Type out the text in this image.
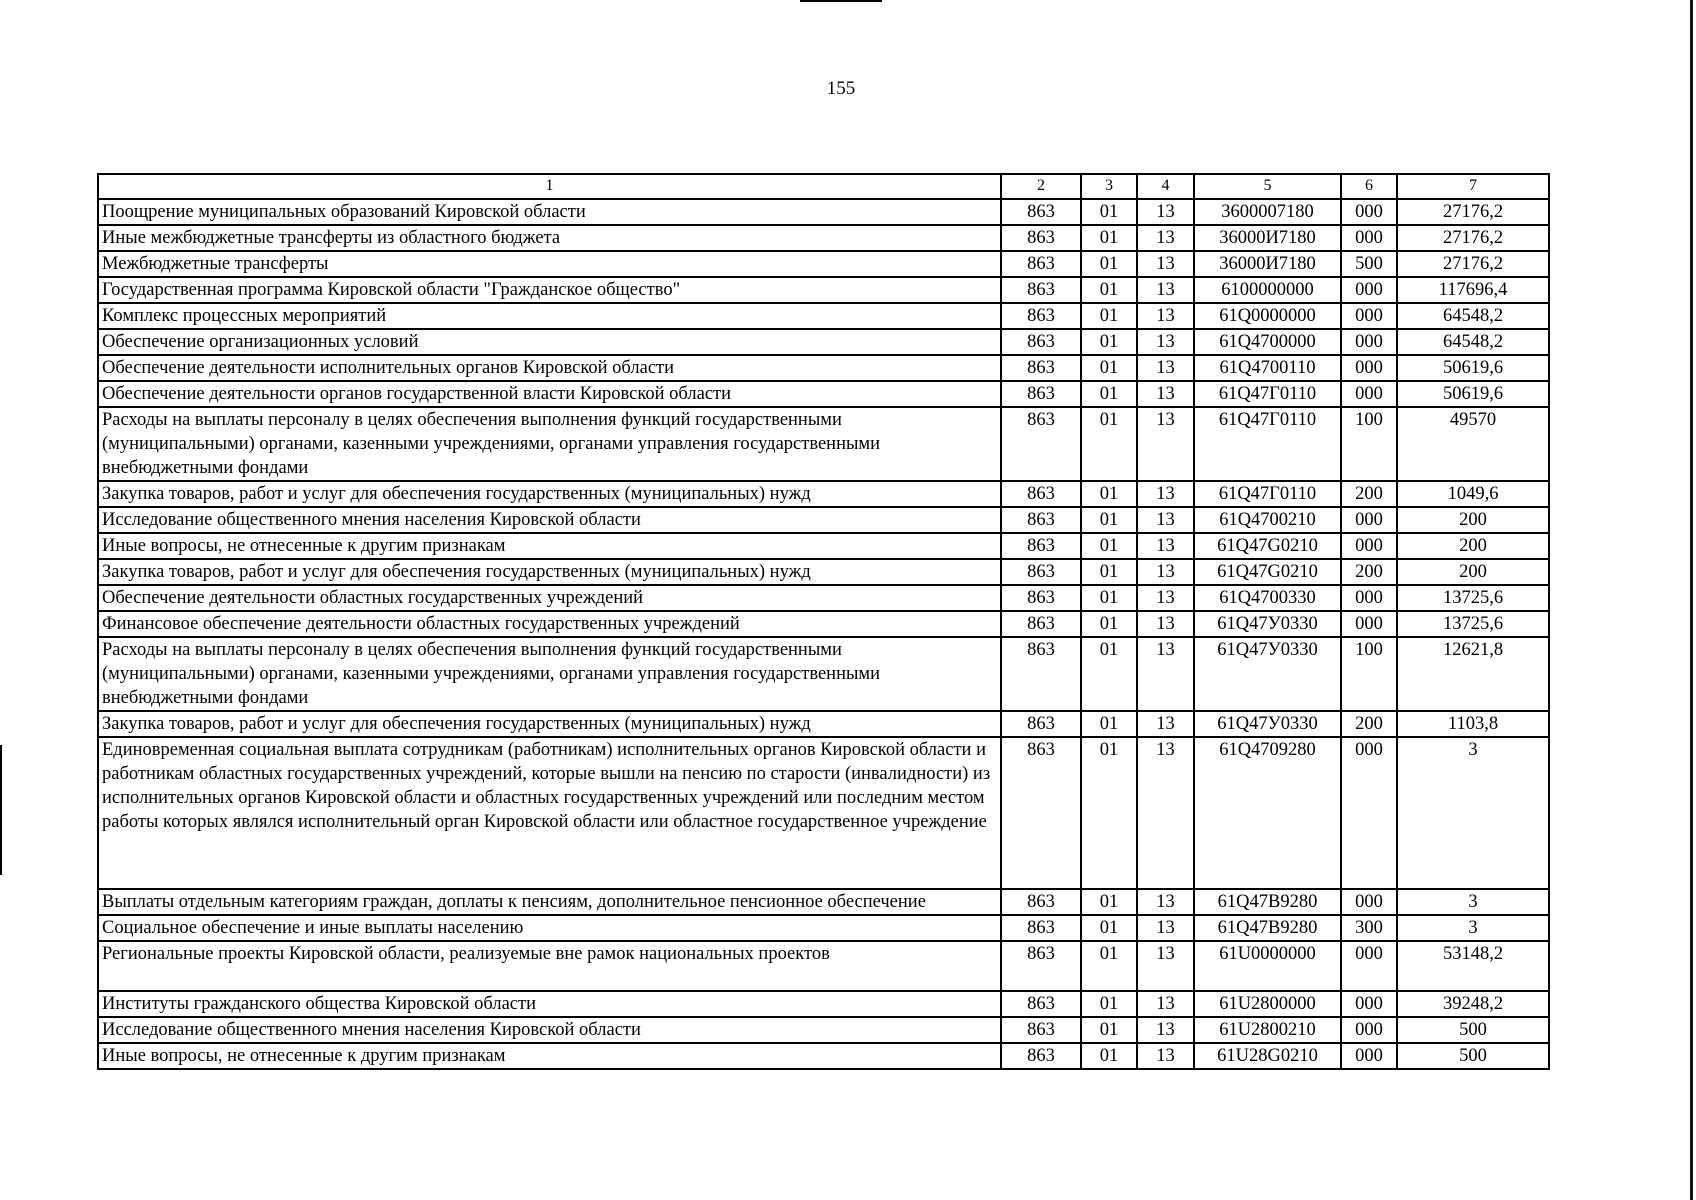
155
1	2	3	4	5	6	7
Поощрение муниципальных образований Кировской области	863	01	13	3600007180	000	27176,2
Иные межбюджетные трансферты из областного бюджета	863	01	13	36000И7180	000	27176,2
Межбюджетные трансферты	863	01	13	36000И7180	500	27176,2
Государственная программа Кировской области "Гражданское общество"	863	01	13	6100000000	000	117696,4
Комплекс процессных мероприятий	863	01	13	61Q0000000	000	64548,2
Обеспечение организационных условий	863	01	13	61Q4700000	000	64548,2
Обеспечение деятельности исполнительных органов Кировской области	863	01	13	61Q4700110	000	50619,6
Обеспечение деятельности органов государственной власти Кировской области	863	01	13	61Q47Г0110	000	50619,6
Расходы на выплаты персоналу в целях обеспечения выполнения функций государственными (муниципальными) органами, казенными учреждениями, органами управления государственными внебюджетными фондами	863	01	13	61Q47Г0110	100	49570
Закупка товаров, работ и услуг для обеспечения государственных (муниципальных) нужд	863	01	13	61Q47Г0110	200	1049,6
Исследование общественного мнения населения Кировской области	863	01	13	61Q4700210	000	200
Иные вопросы, не отнесенные к другим признакам	863	01	13	61Q47G0210	000	200
Закупка товаров, работ и услуг для обеспечения государственных (муниципальных) нужд	863	01	13	61Q47G0210	200	200
Обеспечение деятельности областных государственных учреждений	863	01	13	61Q4700330	000	13725,6
Финансовое обеспечение деятельности областных государственных учреждений	863	01	13	61Q47У0330	000	13725,6
Расходы на выплаты персоналу в целях обеспечения выполнения функций государственными (муниципальными) органами, казенными учреждениями, органами управления государственными внебюджетными фондами	863	01	13	61Q47У0330	100	12621,8
Закупка товаров, работ и услуг для обеспечения государственных (муниципальных) нужд	863	01	13	61Q47У0330	200	1103,8
Единовременная социальная выплата сотрудникам (работникам) исполнительных органов Кировской области и работникам областных государственных учреждений, которые вышли на пенсию по старости (инвалидности) из исполнительных органов Кировской области и областных государственных учреждений или последним местом работы которых являлся исполнительный орган Кировской области или областное государственное учреждение	863	01	13	61Q4709280	000	3
Выплаты отдельным категориям граждан, доплаты к пенсиям, дополнительное пенсионное обеспечение	863	01	13	61Q47B9280	000	3
Социальное обеспечение и иные выплаты населению	863	01	13	61Q47B9280	300	3
Региональные проекты Кировской области, реализуемые вне рамок национальных проектов	863	01	13	61U0000000	000	53148,2
Институты гражданского общества Кировской области	863	01	13	61U2800000	000	39248,2
Исследование общественного мнения населения Кировской области	863	01	13	61U2800210	000	500
Иные вопросы, не отнесенные к другим признакам	863	01	13	61U28G0210	000	500
